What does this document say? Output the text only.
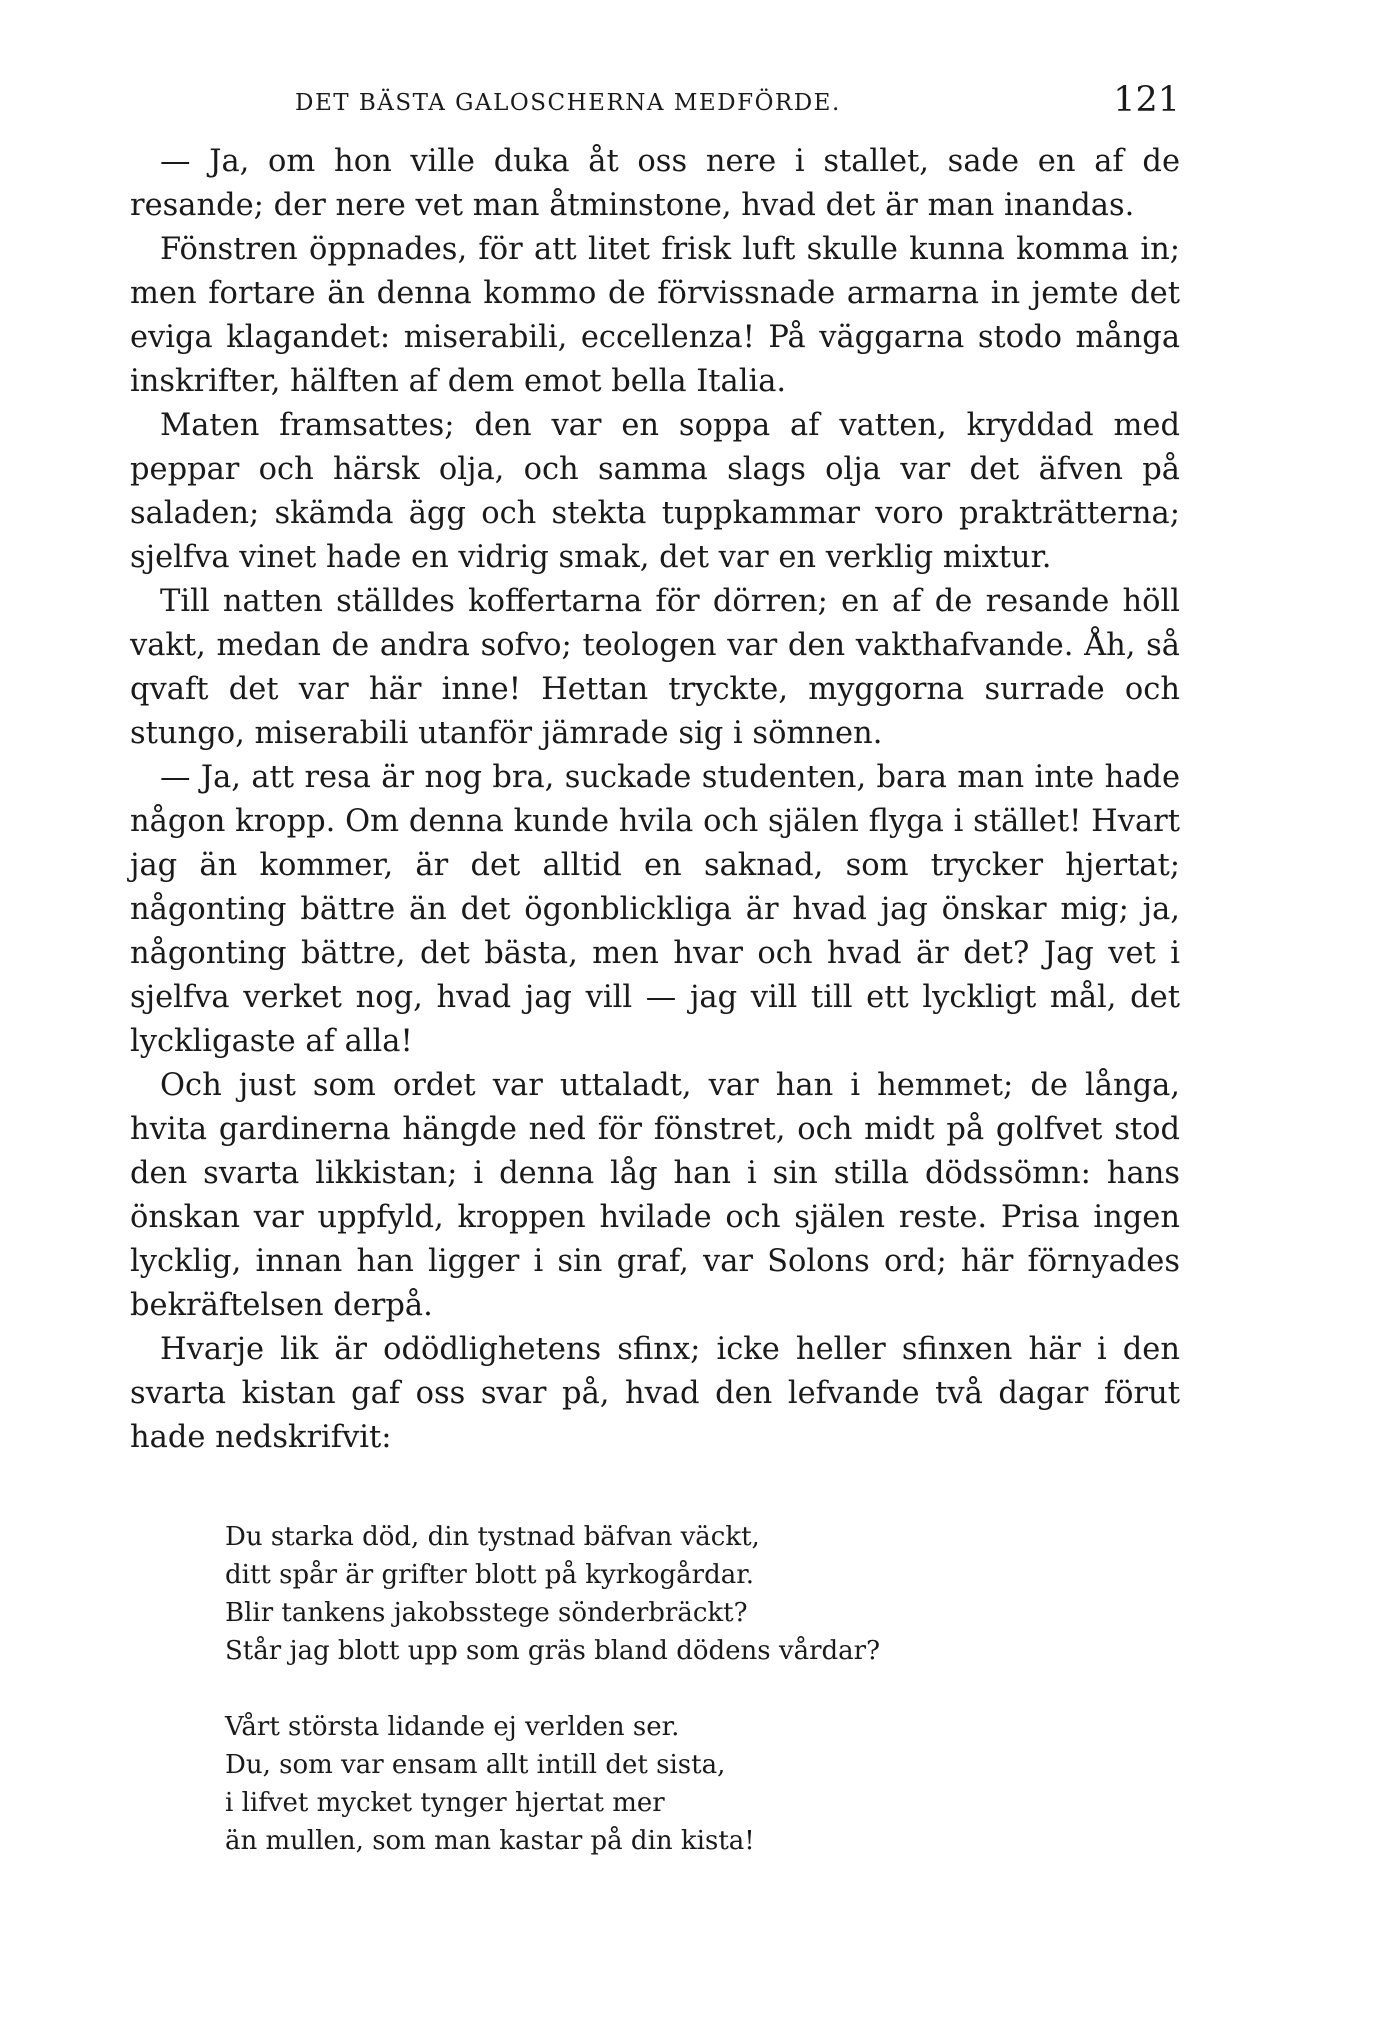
DET BÄSTA GALOSCHERNA MEDFÖRDE.	121

— Ja, om hon ville duka åt oss nere i stallet, sade en af de resande; der nere vet man åtminstone, hvad det är man inandas.

Fönstren öppnades, för att litet frisk luft skulle kunna komma in; men fortare än denna kommo de förvissnade armarna in jemte det eviga klagandet: miserabili, eccellenza! På väggarna stodo många inskrifter, hälften af dem emot bella Italia.

Maten framsattes; den var en soppa af vatten, kryddad med peppar och härsk olja, och samma slags olja var det äfven på saladen; skämda ägg och stekta tuppkammar voro prakträtterna; sjelfva vinet hade en vidrig smak, det var en verklig mixtur.

Till natten ställdes koffertarna för dörren; en af de resande höll vakt, medan de andra sofvo; teologen var den vakthafvande. Åh, så qvaft det var här inne! Hettan tryckte, myggorna surrade och stungo, miserabili utanför jämrade sig i sömnen.

— Ja, att resa är nog bra, suckade studenten, bara man inte hade någon kropp. Om denna kunde hvila och själen flyga i stället! Hvart jag än kommer, är det alltid en saknad, som trycker hjertat; någonting bättre än det ögonblickliga är hvad jag önskar mig; ja, någonting bättre, det bästa, men hvar och hvad är det? Jag vet i sjelfva verket nog, hvad jag vill — jag vill till ett lyckligt mål, det lyckligaste af alla!

Och just som ordet var uttaladt, var han i hemmet; de långa, hvita gardinerna hängde ned för fönstret, och midt på golfvet stod den svarta likkistan; i denna låg han i sin stilla dödssömn: hans önskan var uppfyld, kroppen hvilade och själen reste. Prisa ingen lycklig, innan han ligger i sin graf, var Solons ord; här förnyades bekräftelsen derpå.

Hvarje lik är odödlighetens sfinx; icke heller sfinxen här i den svarta kistan gaf oss svar på, hvad den lefvande två dagar förut hade nedskrifvit:

Du starka död, din tystnad bäfvan väckt,
ditt spår är grifter blott på kyrkogårdar.
Blir tankens jakobsstege sönderbräckt?
Står jag blott upp som gräs bland dödens vårdar?
Vårt största lidande ej verlden ser.
Du, som var ensam allt intill det sista,
i lifvet mycket tynger hjertat mer
än mullen, som man kastar på din kista!
